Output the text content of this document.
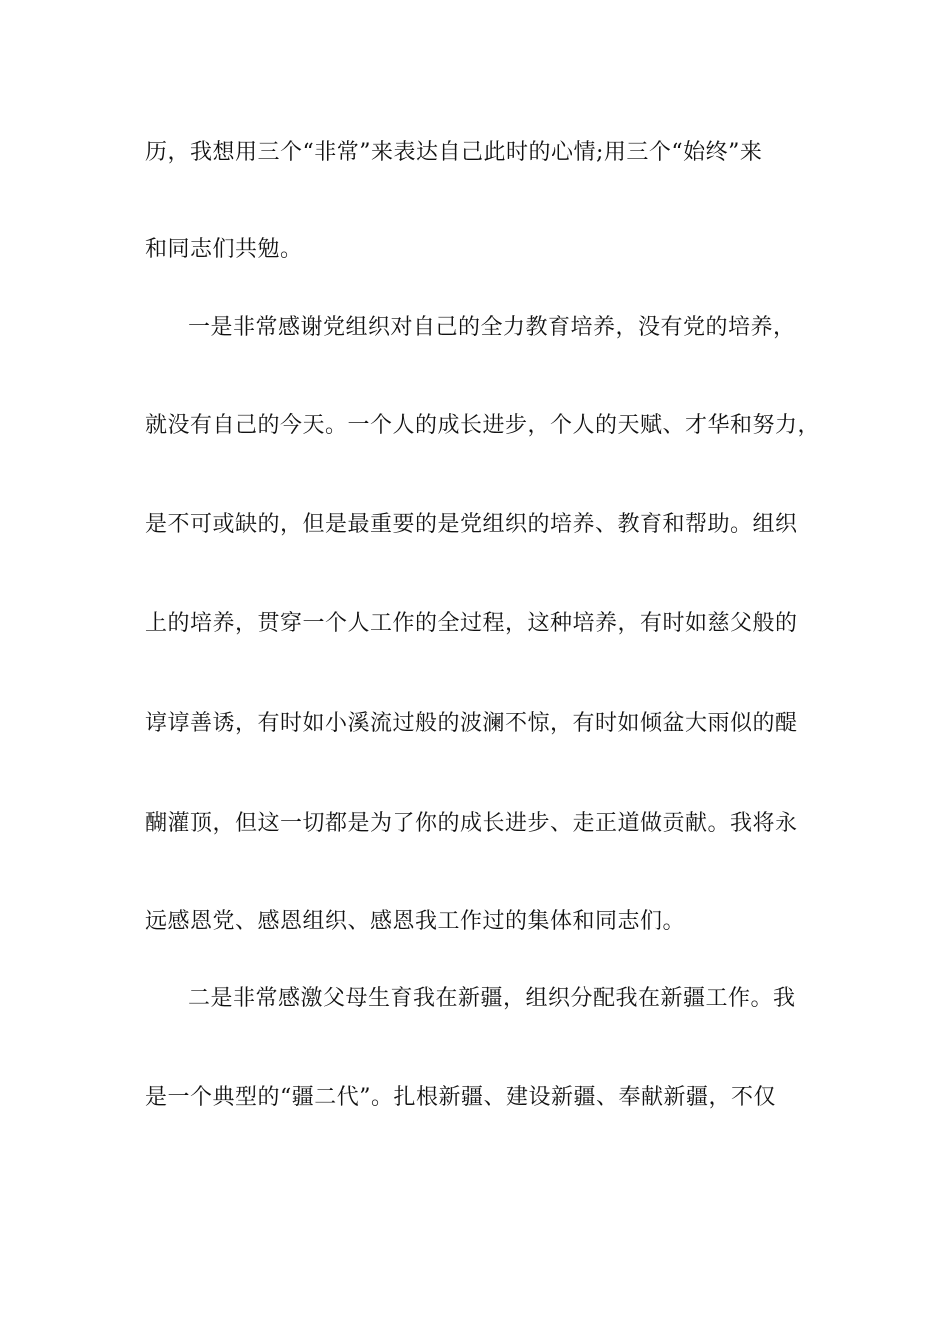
历，我想用三个“非常”来表达自己此时的心情;用三个“始终”来
和同志们共勉。
一是非常感谢党组织对自己的全力教育培养，没有党的培养，
就没有自己的今天。一个人的成长进步，个人的天赋、才华和努力，
是不可或缺的，但是最重要的是党组织的培养、教育和帮助。组织
上的培养，贯穿一个人工作的全过程，这种培养，有时如慈父般的
谆谆善诱，有时如小溪流过般的波澜不惊，有时如倾盆大雨似的醍
醐灌顶，但这一切都是为了你的成长进步、走正道做贡献。我将永
远感恩党、感恩组织、感恩我工作过的集体和同志们。
二是非常感激父母生育我在新疆，组织分配我在新疆工作。我
是一个典型的“疆二代”。扎根新疆、建设新疆、奉献新疆，不仅
